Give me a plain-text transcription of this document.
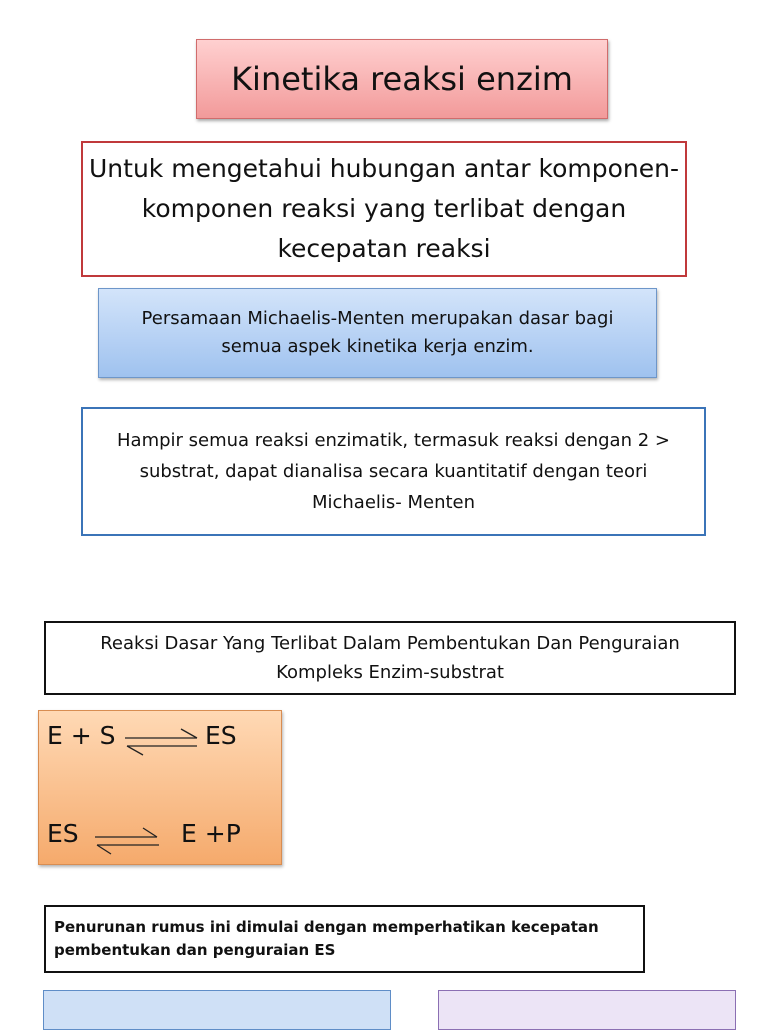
Kinetika reaksi enzim
Untuk mengetahui hubungan antar komponen-komponen reaksi yang terlibat dengan kecepatan reaksi
Persamaan Michaelis-Menten merupakan dasar bagi semua aspek kinetika kerja enzim.
Hampir semua reaksi enzimatik, termasuk reaksi dengan 2 > substrat, dapat dianalisa secara kuantitatif dengan teori Michaelis- Menten
Reaksi Dasar Yang Terlibat Dalam Pembentukan Dan Penguraian Kompleks Enzim-substrat
E + S	ES
ES	E +P
Penurunan rumus ini dimulai dengan memperhatikan kecepatan pembentukan dan penguraian ES
